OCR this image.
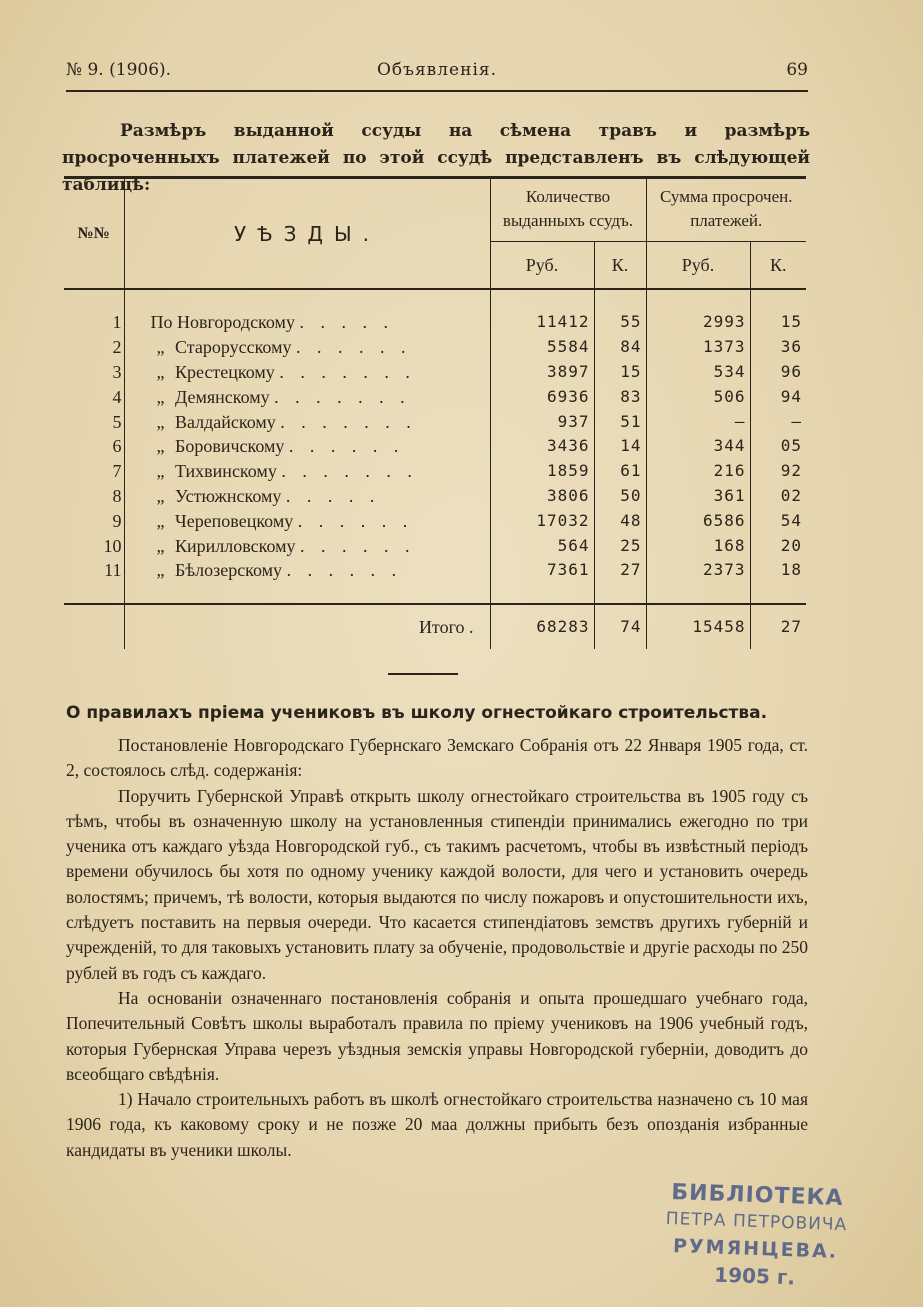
№ 9. (1906).	Объявленія.	69
Размѣръ выданной ссуды на сѣмена травъ и размѣръ просроченныхъ платежей по этой ссудѣ представленъ въ слѣдующей таблицѣ:
№№	УѢЗДЫ.	Количество выданныхъ ссудъ.		Сумма просрочен. платежей.	
		Руб.	К.	Руб.	К.

1	По Новгородскому . . . . .	11412	55	2993	15
2	„ Старорусскому . . . . . .	5584	84	1373	36
3	„ Крестецкому . . . . . . .	3897	15	534	96
4	„ Демянскому . . . . . . .	6936	83	506	94
5	„ Валдайскому . . . . . . .	937	51	—	—
6	„ Боровичскому . . . . . .	3436	14	344	05
7	„ Тихвинскому . . . . . . .	1859	61	216	92
8	„ Устюжнскому . . . . .	3806	50	361	02
9	„ Череповецкому . . . . . .	17032	48	6586	54
10	„ Кирилловскому . . . . . .	564	25	168	20
11	„ Бѣлозерскому . . . . . .	7361	27	2373	18

	Итого .	68283	74	15458	27
О правилахъ пріема учениковъ въ школу огнестойкаго строительства.

Постановленіе Новгородскаго Губернскаго Земскаго Собранія отъ 22 Января 1905 года, ст. 2, состоялось слѣд. содержанія:

Поручить Губернской Управѣ открыть школу огнестойкаго строительства въ 1905 году съ тѣмъ, чтобы въ означенную школу на установленныя стипендіи принимались ежегодно по три ученика отъ каждаго уѣзда Новгородской губ., съ такимъ расчетомъ, чтобы въ извѣстный періодъ времени обучилось бы хотя по одному ученику каждой волости, для чего и установить очередь волостямъ; причемъ, тѣ волости, которыя выдаются по числу пожаровъ и опустошительности ихъ, слѣдуетъ поставить на первыя очереди. Что касается стипендіатовъ земствъ другихъ губерній и учрежденій, то для таковыхъ установить плату за обученіе, продовольствіе и другіе расходы по 250 рублей въ годъ съ каждаго.

На основаніи означеннаго постановленія собранія и опыта прошедшаго учебнаго года, Попечительный Совѣтъ школы выработалъ правила по пріему учениковъ на 1906 учебный годъ, которыя Губернская Управа черезъ уѣздныя земскія управы Новгородской губерніи, доводитъ до всеобщаго свѣдѣнія.

1) Начало строительныхъ работъ въ школѣ огнестойкаго строительства назначено съ 10 мая 1906 года, къ каковому сроку и не позже 20 маа должны прибыть безъ опозданія избранные кандидаты въ ученики школы.

БИБЛІОТЕКА
ПЕТРА ПЕТРОВИЧА
РУМЯНЦЕВА.
1905 г.
